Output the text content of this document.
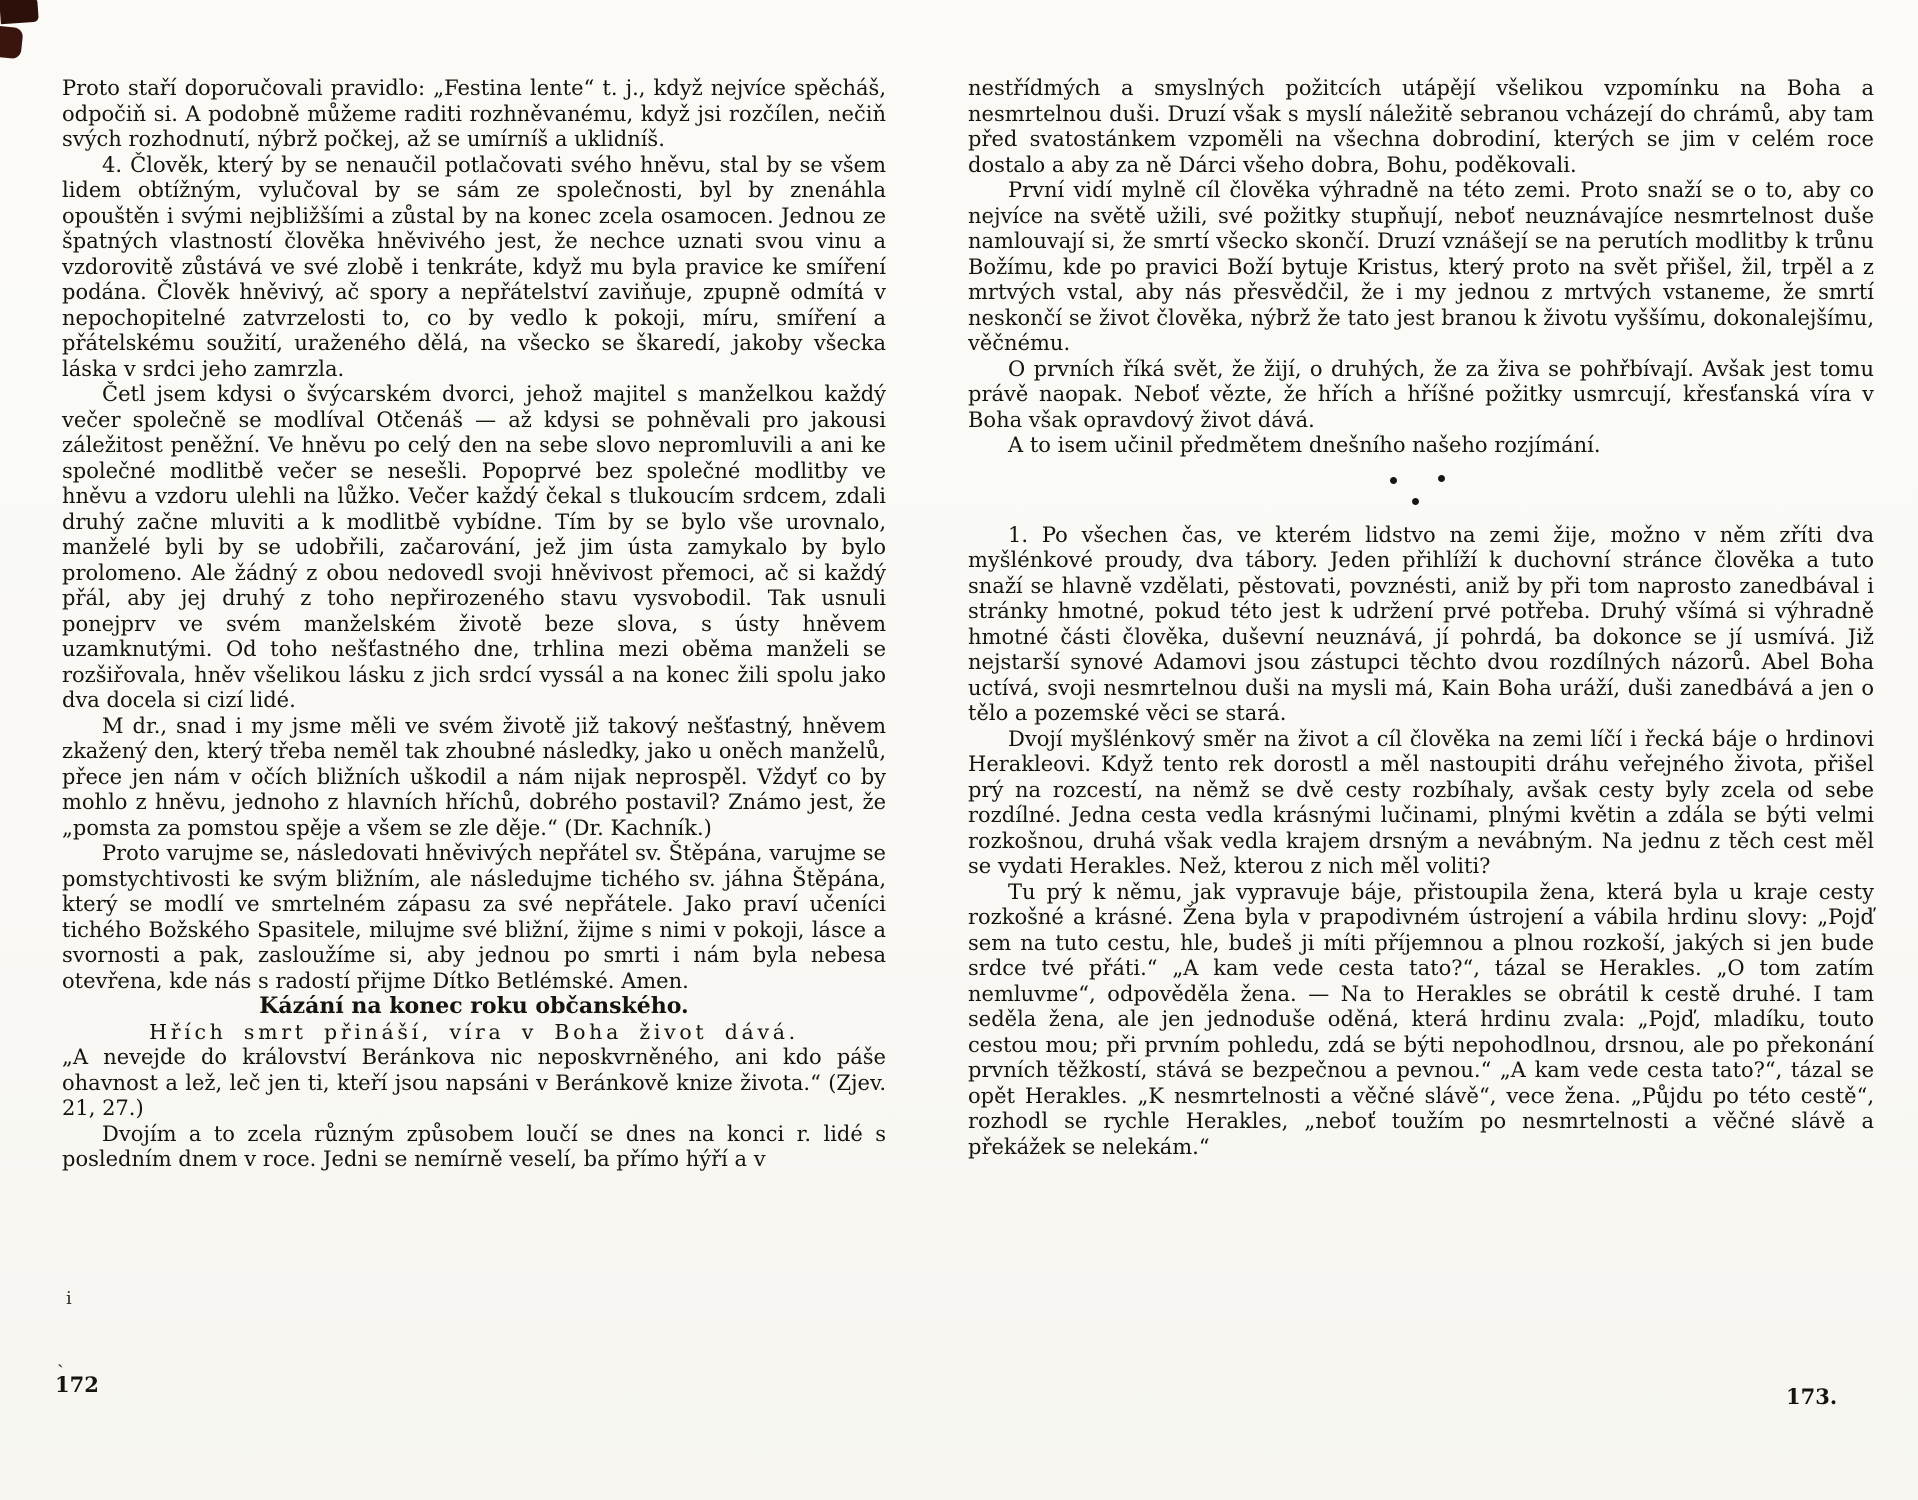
Proto staří doporučovali pravidlo: „Festina lente“ t. j., když nejvíce spěcháš, odpočiň si. A podobně můžeme raditi rozhněvanému, když jsi rozčílen, nečiň svých rozhodnutí, nýbrž počkej, až se umírníš a uklidníš.

4. Člověk, který by se nenaučil potlačovati svého hněvu, stal by se všem lidem obtížným, vylučoval by se sám ze společnosti, byl by znenáhla opouštěn i svými nejbližšími a zůstal by na konec zcela osamocen. Jednou ze špatných vlastností člověka hněvivého jest, že nechce uznati svou vinu a vzdorovitě zůstává ve své zlobě i tenkráte, když mu byla pravice ke smíření podána. Člověk hněvivý, ač spory a nepřátelství zaviňuje, zpupně odmítá v nepochopitelné zatvrzelosti to, co by vedlo k pokoji, míru, smíření a přátelskému soužití, uraženého dělá, na všecko se škaredí, jakoby všecka láska v srdci jeho zamrzla.

Četl jsem kdysi o švýcarském dvorci, jehož majitel s manželkou každý večer společně se modlíval Otčenáš — až kdysi se pohněvali pro jakousi záležitost peněžní. Ve hněvu po celý den na sebe slovo nepromluvili a ani ke společné modlitbě večer se nesešli. Popoprvé bez společné modlitby ve hněvu a vzdoru ulehli na lůžko. Večer každý čekal s tlukoucím srdcem, zdali druhý začne mluviti a k modlitbě vybídne. Tím by se bylo vše urovnalo, manželé byli by se udobřili, začarování, jež jim ústa zamykalo by bylo prolomeno. Ale žádný z obou nedovedl svoji hněvivost přemoci, ač si každý přál, aby jej druhý z toho nepřirozeného stavu vysvobodil. Tak usnuli ponejprv ve svém manželském životě beze slova, s ústy hněvem uzamknutými. Od toho nešťastného dne, trhlina mezi oběma manželi se rozšiřovala, hněv všelikou lásku z jich srdcí vyssál a na konec žili spolu jako dva docela si cizí lidé.

M dr., snad i my jsme měli ve svém životě již takový nešťastný, hněvem zkažený den, který třeba neměl tak zhoubné následky, jako u oněch manželů, přece jen nám v očích bližních uškodil a nám nijak neprospěl. Vždyť co by mohlo z hněvu, jednoho z hlavních hříchů, dobrého postavil? Známo jest, že „pomsta za pomstou spěje a všem se zle děje.“ (Dr. Kachník.)

Proto varujme se, následovati hněvivých nepřátel sv. Štěpána, varujme se pomstychtivosti ke svým bližním, ale následujme tichého sv. jáhna Štěpána, který se modlí ve smrtelném zápasu za své nepřátele. Jako praví učeníci tichého Božského Spasitele, milujme své bližní, žijme s nimi v pokoji, lásce a svornosti a pak, zasloužíme si, aby jednou po smrti i nám byla nebesa otevřena, kde nás s radostí přijme Dítko Betlémské. Amen.

Kázání na konec roku občanského.

Hřích smrt přináší, víra v Boha život dává.

„A nevejde do království Beránkova nic neposkvrněného, ani kdo páše ohavnost a lež, leč jen ti, kteří jsou napsáni v Beránkově knize života.“ (Zjev. 21, 27.)

Dvojím a to zcela různým způsobem loučí se dnes na konci r. lidé s posledním dnem v roce. Jedni se nemírně veselí, ba přímo hýří a v

nestřídmých a smyslných požitcích utápějí všelikou vzpomínku na Boha a nesmrtelnou duši. Druzí však s myslí náležitě sebranou vcházejí do chrámů, aby tam před svatostánkem vzpoměli na všechna dobrodiní, kterých se jim v celém roce dostalo a aby za ně Dárci všeho dobra, Bohu, poděkovali.

První vidí mylně cíl člověka výhradně na této zemi. Proto snaží se o to, aby co nejvíce na světě užili, své požitky stupňují, neboť neuznávajíce nesmrtelnost duše namlouvají si, že smrtí všecko skončí. Druzí vznášejí se na perutích modlitby k trůnu Božímu, kde po pravici Boží bytuje Kristus, který proto na svět přišel, žil, trpěl a z mrtvých vstal, aby nás přesvědčil, že i my jednou z mrtvých vstaneme, že smrtí neskončí se život člověka, nýbrž že tato jest branou k životu vyššímu, dokonalejšímu, věčnému.

O prvních říká svět, že žijí, o druhých, že za živa se pohřbívají. Avšak jest tomu právě naopak. Neboť vězte, že hřích a hříšné požitky usmrcují, křesťanská víra v Boha však opravdový život dává.

A to isem učinil předmětem dnešního našeho rozjímání.

1. Po všechen čas, ve kterém lidstvo na zemi žije, možno v něm zříti dva myšlénkové proudy, dva tábory. Jeden přihlíží k duchovní stránce člověka a tuto snaží se hlavně vzdělati, pěstovati, povznésti, aniž by při tom naprosto zanedbával i stránky hmotné, pokud této jest k udržení prvé potřeba. Druhý všímá si výhradně hmotné části člověka, duševní neuznává, jí pohrdá, ba dokonce se jí usmívá. Již nejstarší synové Adamovi jsou zástupci těchto dvou rozdílných názorů. Abel Boha uctívá, svoji nesmrtelnou duši na mysli má, Kain Boha uráží, duši zanedbává a jen o tělo a pozemské věci se stará.

Dvojí myšlénkový směr na život a cíl člověka na zemi líčí i řecká báje o hrdinovi Herakleovi. Když tento rek dorostl a měl nastoupiti dráhu veřejného života, přišel prý na rozcestí, na němž se dvě cesty rozbíhaly, avšak cesty byly zcela od sebe rozdílné. Jedna cesta vedla krásnými lučinami, plnými květin a zdála se býti velmi rozkošnou, druhá však vedla krajem drsným a nevábným. Na jednu z těch cest měl se vydati Herakles. Než, kterou z nich měl voliti?

Tu prý k němu, jak vypravuje báje, přistoupila žena, která byla u kraje cesty rozkošné a krásné. Žena byla v prapodivném ústrojení a vábila hrdinu slovy: „Pojď sem na tuto cestu, hle, budeš ji míti příjemnou a plnou rozkoší, jakých si jen bude srdce tvé přáti.“ „A kam vede cesta tato?“, tázal se Herakles. „O tom zatím nemluvme“, odpověděla žena. — Na to Herakles se obrátil k cestě druhé. I tam seděla žena, ale jen jednoduše oděná, která hrdinu zvala: „Pojď, mladíku, touto cestou mou; při prvním pohledu, zdá se býti nepohodlnou, drsnou, ale po překonání prvních těžkostí, stává se bezpečnou a pevnou.“ „A kam vede cesta tato?“, tázal se opět Herakles. „K nesmrtelnosti a věčné slávě“, vece žena. „Půjdu po této cestě“, rozhodl se rychle Herakles, „neboť toužím po nesmrtelnosti a věčné slávě a překážek se nelekám.“

172	173.
i
ˏ
